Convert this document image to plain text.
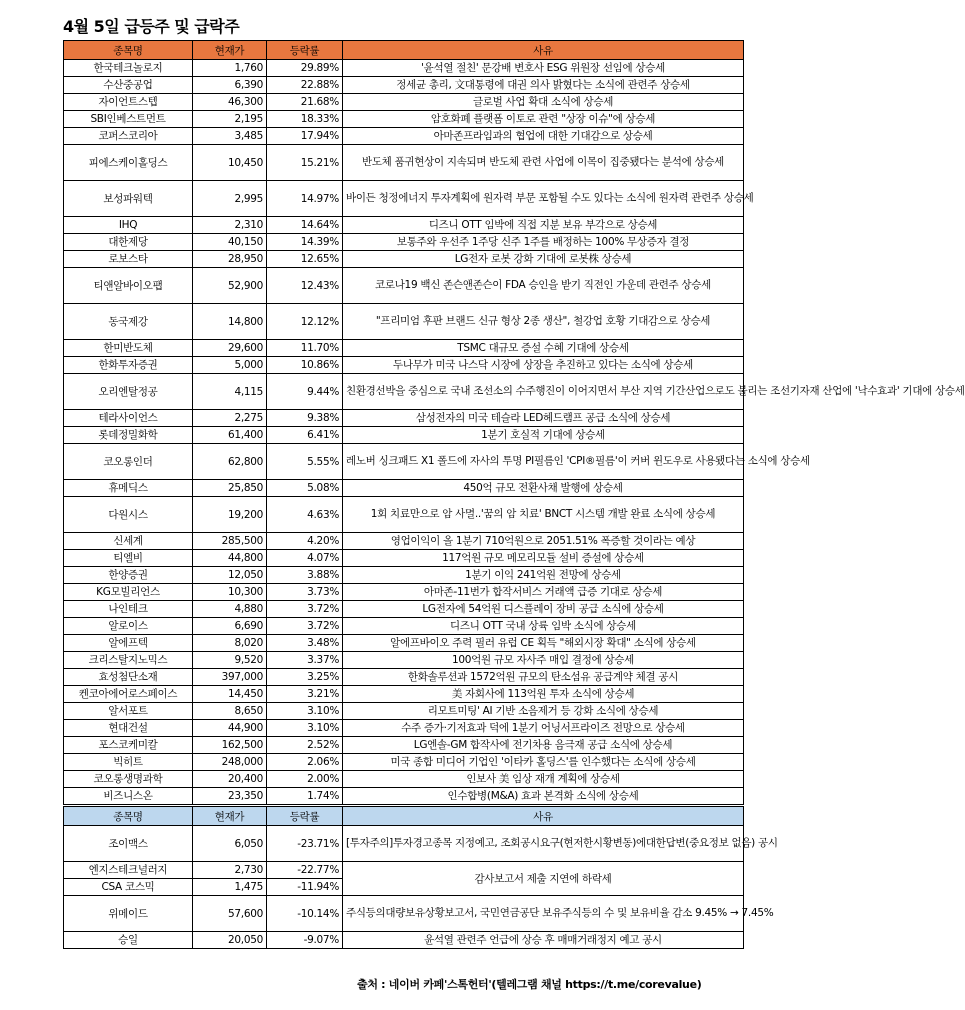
4월 5일 급등주 및 급락주
종목명	현재가	등락률	사유
한국테크놀로지	1,760	29.89%	'윤석열 절친' 문강배 변호사 ESG 위원장 선임에 상승세
수산중공업	6,390	22.88%	정세균 총리, 文대통령에 대권 의사 밝혔다는 소식에 관련주 상승세
자이언트스텝	46,300	21.68%	글로벌 사업 확대 소식에 상승세
SBI인베스트먼트	2,195	18.33%	암호화폐 플랫폼 이토로 관련 "상장 이슈"에 상승세
코퍼스코리아	3,485	17.94%	아마존프라임과의 협업에 대한 기대감으로 상승세
피에스케이홀딩스	10,450	15.21%	반도체 품귀현상이 지속되며 반도체 관련 사업에 이목이 집중됐다는 분석에 상승세
보성파워텍	2,995	14.97%	바이든 청정에너지 투자계획에 원자력 부문 포함될 수도 있다는 소식에 원자력 관련주 상승세
IHQ	2,310	14.64%	디즈니 OTT 임박에 직접 지분 보유 부각으로 상승세
대한제당	40,150	14.39%	보통주와 우선주 1주당 신주 1주를 배정하는 100% 무상증자 결정
로보스타	28,950	12.65%	LG전자 로봇 강화 기대에 로봇株 상승세
티앤알바이오팹	52,900	12.43%	코로나19 백신 존슨앤존슨이 FDA 승인을 받기 직전인 가운데 관련주 상승세
동국제강	14,800	12.12%	"프리미엄 후판 브랜드 신규 형상 2종 생산", 철강업 호황 기대감으로 상승세
한미반도체	29,600	11.70%	TSMC 대규모 증설 수혜 기대에 상승세
한화투자증권	5,000	10.86%	두나무가 미국 나스닥 시장에 상장을 추진하고 있다는 소식에 상승세
오리엔탈정공	4,115	9.44%	친환경선박을 중심으로 국내 조선소의 수주행진이 이어지면서 부산 지역 기간산업으로도 불리는 조선기자재 산업에 '낙수효과' 기대에 상승세
테라사이언스	2,275	9.38%	삼성전자의 미국 테슬라 LED헤드램프 공급 소식에 상승세
롯데정밀화학	61,400	6.41%	1분기 호실적 기대에 상승세
코오롱인더	62,800	5.55%	레노버 싱크패드 X1 폴드에 자사의 투명 PI필름인 'CPI®필름'이 커버 윈도우로 사용됐다는 소식에 상승세
휴메딕스	25,850	5.08%	450억 규모 전환사채 발행에 상승세
다원시스	19,200	4.63%	1회 치료만으로 암 사멸..'꿈의 암 치료' BNCT 시스템 개발 완료 소식에 상승세
신세계	285,500	4.20%	영업이익이 올 1분기 710억원으로 2051.51% 폭증할 것이라는 예상
티엘비	44,800	4.07%	117억원 규모 메모리모듈 설비 증설에 상승세
한양증권	12,050	3.88%	1분기 이익 241억원 전망에 상승세
KG모빌리언스	10,300	3.73%	아마존-11번가 합작서비스 거래액 급증 기대로 상승세
나인테크	4,880	3.72%	LG전자에 54억원 디스플레이 장비 공급 소식에 상승세
알로이스	6,690	3.72%	디즈니 OTT 국내 상륙 임박 소식에 상승세
알에프텍	8,020	3.48%	알에프바이오 주력 필러 유럽 CE 획득 "해외시장 확대" 소식에 상승세
크리스탈지노믹스	9,520	3.37%	100억원 규모 자사주 매입 결정에 상승세
효성첨단소재	397,000	3.25%	한화솔루션과 1572억원 규모의 탄소섬유 공급계약 체결 공시
켄코아에어로스페이스	14,450	3.21%	美 자회사에 113억원 투자 소식에 상승세
알서포트	8,650	3.10%	리모트미팅' AI 기반 소음제거 등 강화 소식에 상승세
현대건설	44,900	3.10%	수주 증가·기저효과 덕에 1분기 어닝서프라이즈 전망으로 상승세
포스코케미칼	162,500	2.52%	LG엔솔-GM 합작사에 전기차용 음극재 공급 소식에 상승세
빅히트	248,000	2.06%	미국 종합 미디어 기업인 '이타카 홀딩스'를 인수했다는 소식에 상승세
코오롱생명과학	20,400	2.00%	인보사 美 임상 재개 계획에 상승세
비즈니스온	23,350	1.74%	인수합병(M&A) 효과 본격화 소식에 상승세
종목명	현재가	등락률	사유
조이맥스	6,050	-23.71%	[투자주의]투자경고종목 지정예고, 조회공시요구(현저한시황변동)에대한답변(중요정보 없음) 공시
엔지스테크널러지	2,730	-22.77%	감사보고서 제출 지연에 하락세
CSA 코스믹	1,475	-11.94%	
위메이드	57,600	-10.14%	주식등의대량보유상황보고서, 국민연금공단 보유주식등의 수 및 보유비율 감소 9.45% → 7.45%
승일	20,050	-9.07%	윤석열 관련주 언급에 상승 후 매매거래정지 예고 공시
출처 : 네이버 카페'스톡헌터'(텔레그램 채널 https://t.me/corevalue)
